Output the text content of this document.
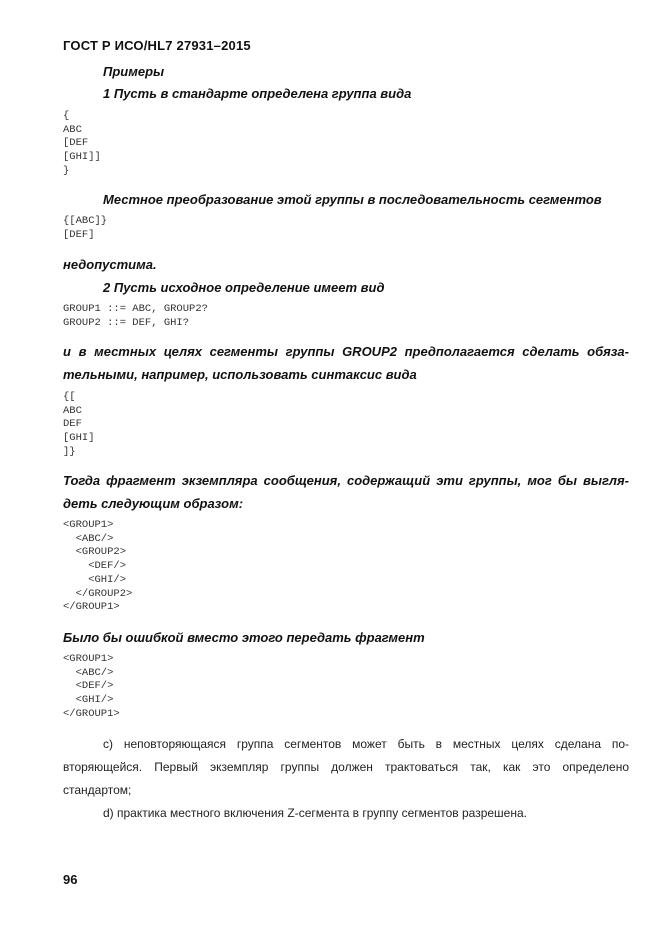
ГОСТ Р ИСО/HL7 27931–2015
Примеры
1 Пусть в стандарте определена группа вида
{
ABC
[DEF
[GHI]]
}
Местное преобразование этой группы в последовательность сегментов
{[ABC]}
[DEF]
недопустима.
2 Пусть исходное определение имеет вид
GROUP1 ::= ABC, GROUP2?
GROUP2 ::= DEF, GHI?
и в местных целях сегменты группы GROUP2 предполагается сделать обяза-
тельными, например, использовать синтаксис вида
{[
ABC
DEF
[GHI]
]}
Тогда фрагмент экземпляра сообщения, содержащий эти группы, мог бы выгля-
деть следующим образом:
<GROUP1>
<ABC/>
<GROUP2>
<DEF/>
<GHI/>
</GROUP2>
</GROUP1>
Было бы ошибкой вместо этого передать фрагмент
<GROUP1>
<ABC/>
<DEF/>
<GHI/>
</GROUP1>
c) неповторяющаяся группа сегментов может быть в местных целях сделана по-
вторяющейся. Первый экземпляр группы должен трактоваться так, как это определено
стандартом;
d) практика местного включения Z-сегмента в группу сегментов разрешена.
96
